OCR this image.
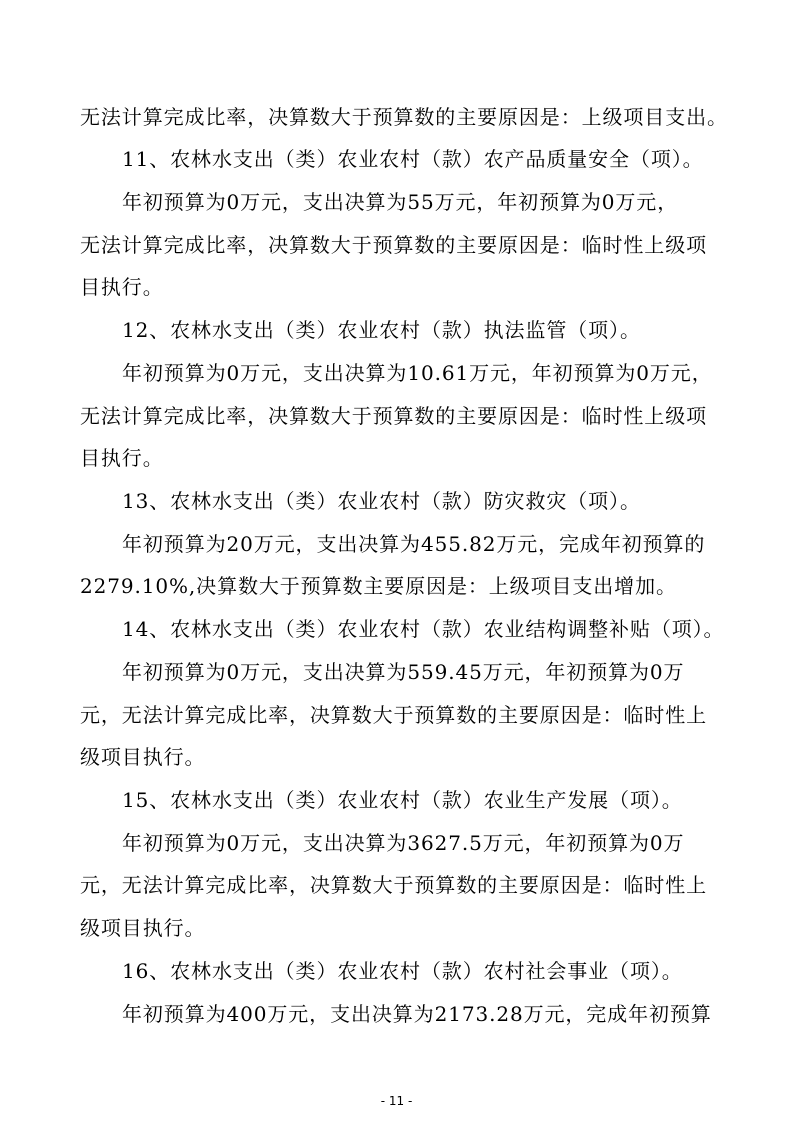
无法计算完成比率，决算数大于预算数的主要原因是：上级项目支出。
11、农林水支出（类）农业农村（款）农产品质量安全（项）。
年初预算为0万元，支出决算为55万元，年初预算为0万元，
无法计算完成比率，决算数大于预算数的主要原因是：临时性上级项
目执行。
12、农林水支出（类）农业农村（款）执法监管（项）。
年初预算为0万元，支出决算为10.61万元，年初预算为0万元，
无法计算完成比率，决算数大于预算数的主要原因是：临时性上级项
目执行。
13、农林水支出（类）农业农村（款）防灾救灾（项）。
年初预算为20万元，支出决算为455.82万元，完成年初预算的
2279.10%,决算数大于预算数主要原因是：上级项目支出增加。
14、农林水支出（类）农业农村（款）农业结构调整补贴（项）。
年初预算为0万元，支出决算为559.45万元，年初预算为0万
元，无法计算完成比率，决算数大于预算数的主要原因是：临时性上
级项目执行。
15、农林水支出（类）农业农村（款）农业生产发展（项）。
年初预算为0万元，支出决算为3627.5万元，年初预算为0万
元，无法计算完成比率，决算数大于预算数的主要原因是：临时性上
级项目执行。
16、农林水支出（类）农业农村（款）农村社会事业（项）。
年初预算为400万元，支出决算为2173.28万元，完成年初预算
- 11 -
